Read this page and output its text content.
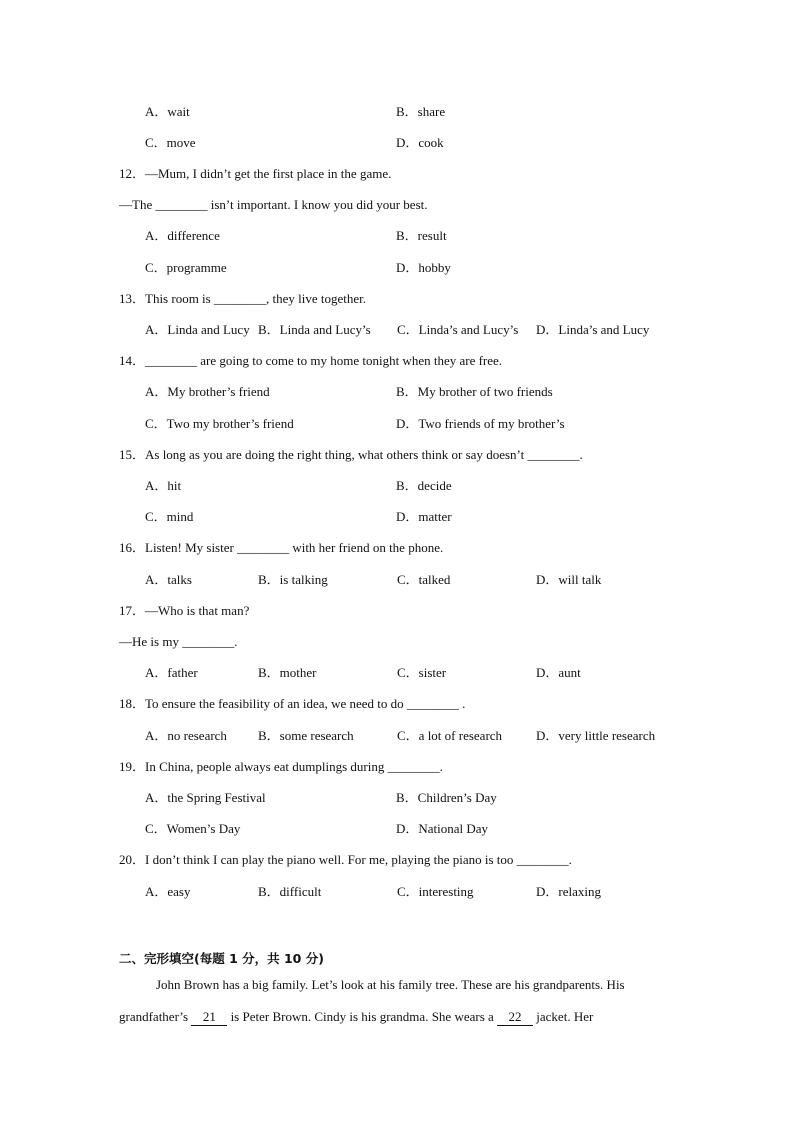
A．wait	B．share
C．move	D．cook
12．—Mum, I didn’t get the first place in the game.
—The ________ isn’t important. I know you did your best.
A．difference	B．result
C．programme	D．hobby
13．This room is ________, they live together.
A．Linda and Lucy B．Linda and Lucy’s C．Linda’s and Lucy’s D．Linda’s and Lucy
14．________ are going to come to my home tonight when they are free.
A．My brother’s friend	B．My brother of two friends
C．Two my brother’s friend	D．Two friends of my brother’s
15．As long as you are doing the right thing, what others think or say doesn’t ________.
A．hit	B．decide
C．mind	D．matter
16．Listen! My sister ________ with her friend on the phone.
A．talks	B．is talking	C．talked	D．will talk
17．—Who is that man?
—He is my ________.
A．father	B．mother	C．sister	D．aunt
18．To ensure the feasibility of an idea, we need to do ________ .
A．no research B．some research	C．a lot of research	D．very little research
19．In China, people always eat dumplings during ________.
A．the Spring Festival	B．Children’s Day
C．Women’s Day	D．National Day
20．I don’t think I can play the piano well. For me, playing the piano is too ________.
A．easy	B．difficult	C．interesting	D．relaxing
二、完形填空(每题 1 分，共 10 分)
John Brown has a big family. Let’s look at his family tree. These are his grandparents. His
grandfather’s 21 is Peter Brown. Cindy is his grandma. She wears a 22 jacket. Her
